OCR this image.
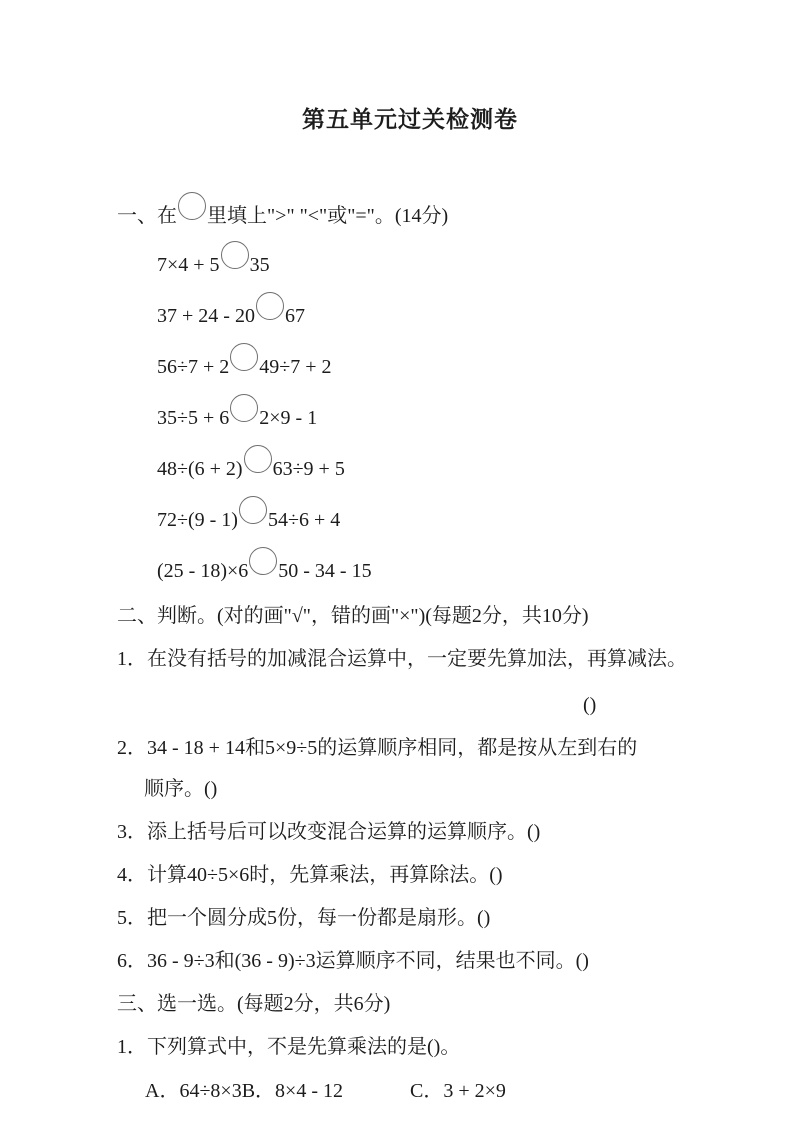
第五单元过关检测卷
一、在 里填上">" "<"或"="。(14分)
7×4 + 5 35
37 + 24 - 20 67
56÷7 + 2 49÷7 + 2
35÷5 + 6 2×9 - 1
48÷(6 + 2) 63÷9 + 5
72÷(9 - 1) 54÷6 + 4
(25 - 18)×6 50 - 34 - 15
二、判断。(对的画"√"，错的画"×")(每题2分，共10分)
1．在没有括号的加减混合运算中，一定要先算加法，再算减法。
()
2．34 - 18 + 14和5×9÷5的运算顺序相同，都是按从左到右的
顺序。()
3．添上括号后可以改变混合运算的运算顺序。()
4．计算40÷5×6时，先算乘法，再算除法。()
5．把一个圆分成5份，每一份都是扇形。()
6．36 - 9÷3和(36 - 9)÷3运算顺序不同，结果也不同。()
三、选一选。(每题2分，共6分)
1．下列算式中，不是先算乘法的是()。
A．64÷8×3B．8×4 - 12	C．3 + 2×9
